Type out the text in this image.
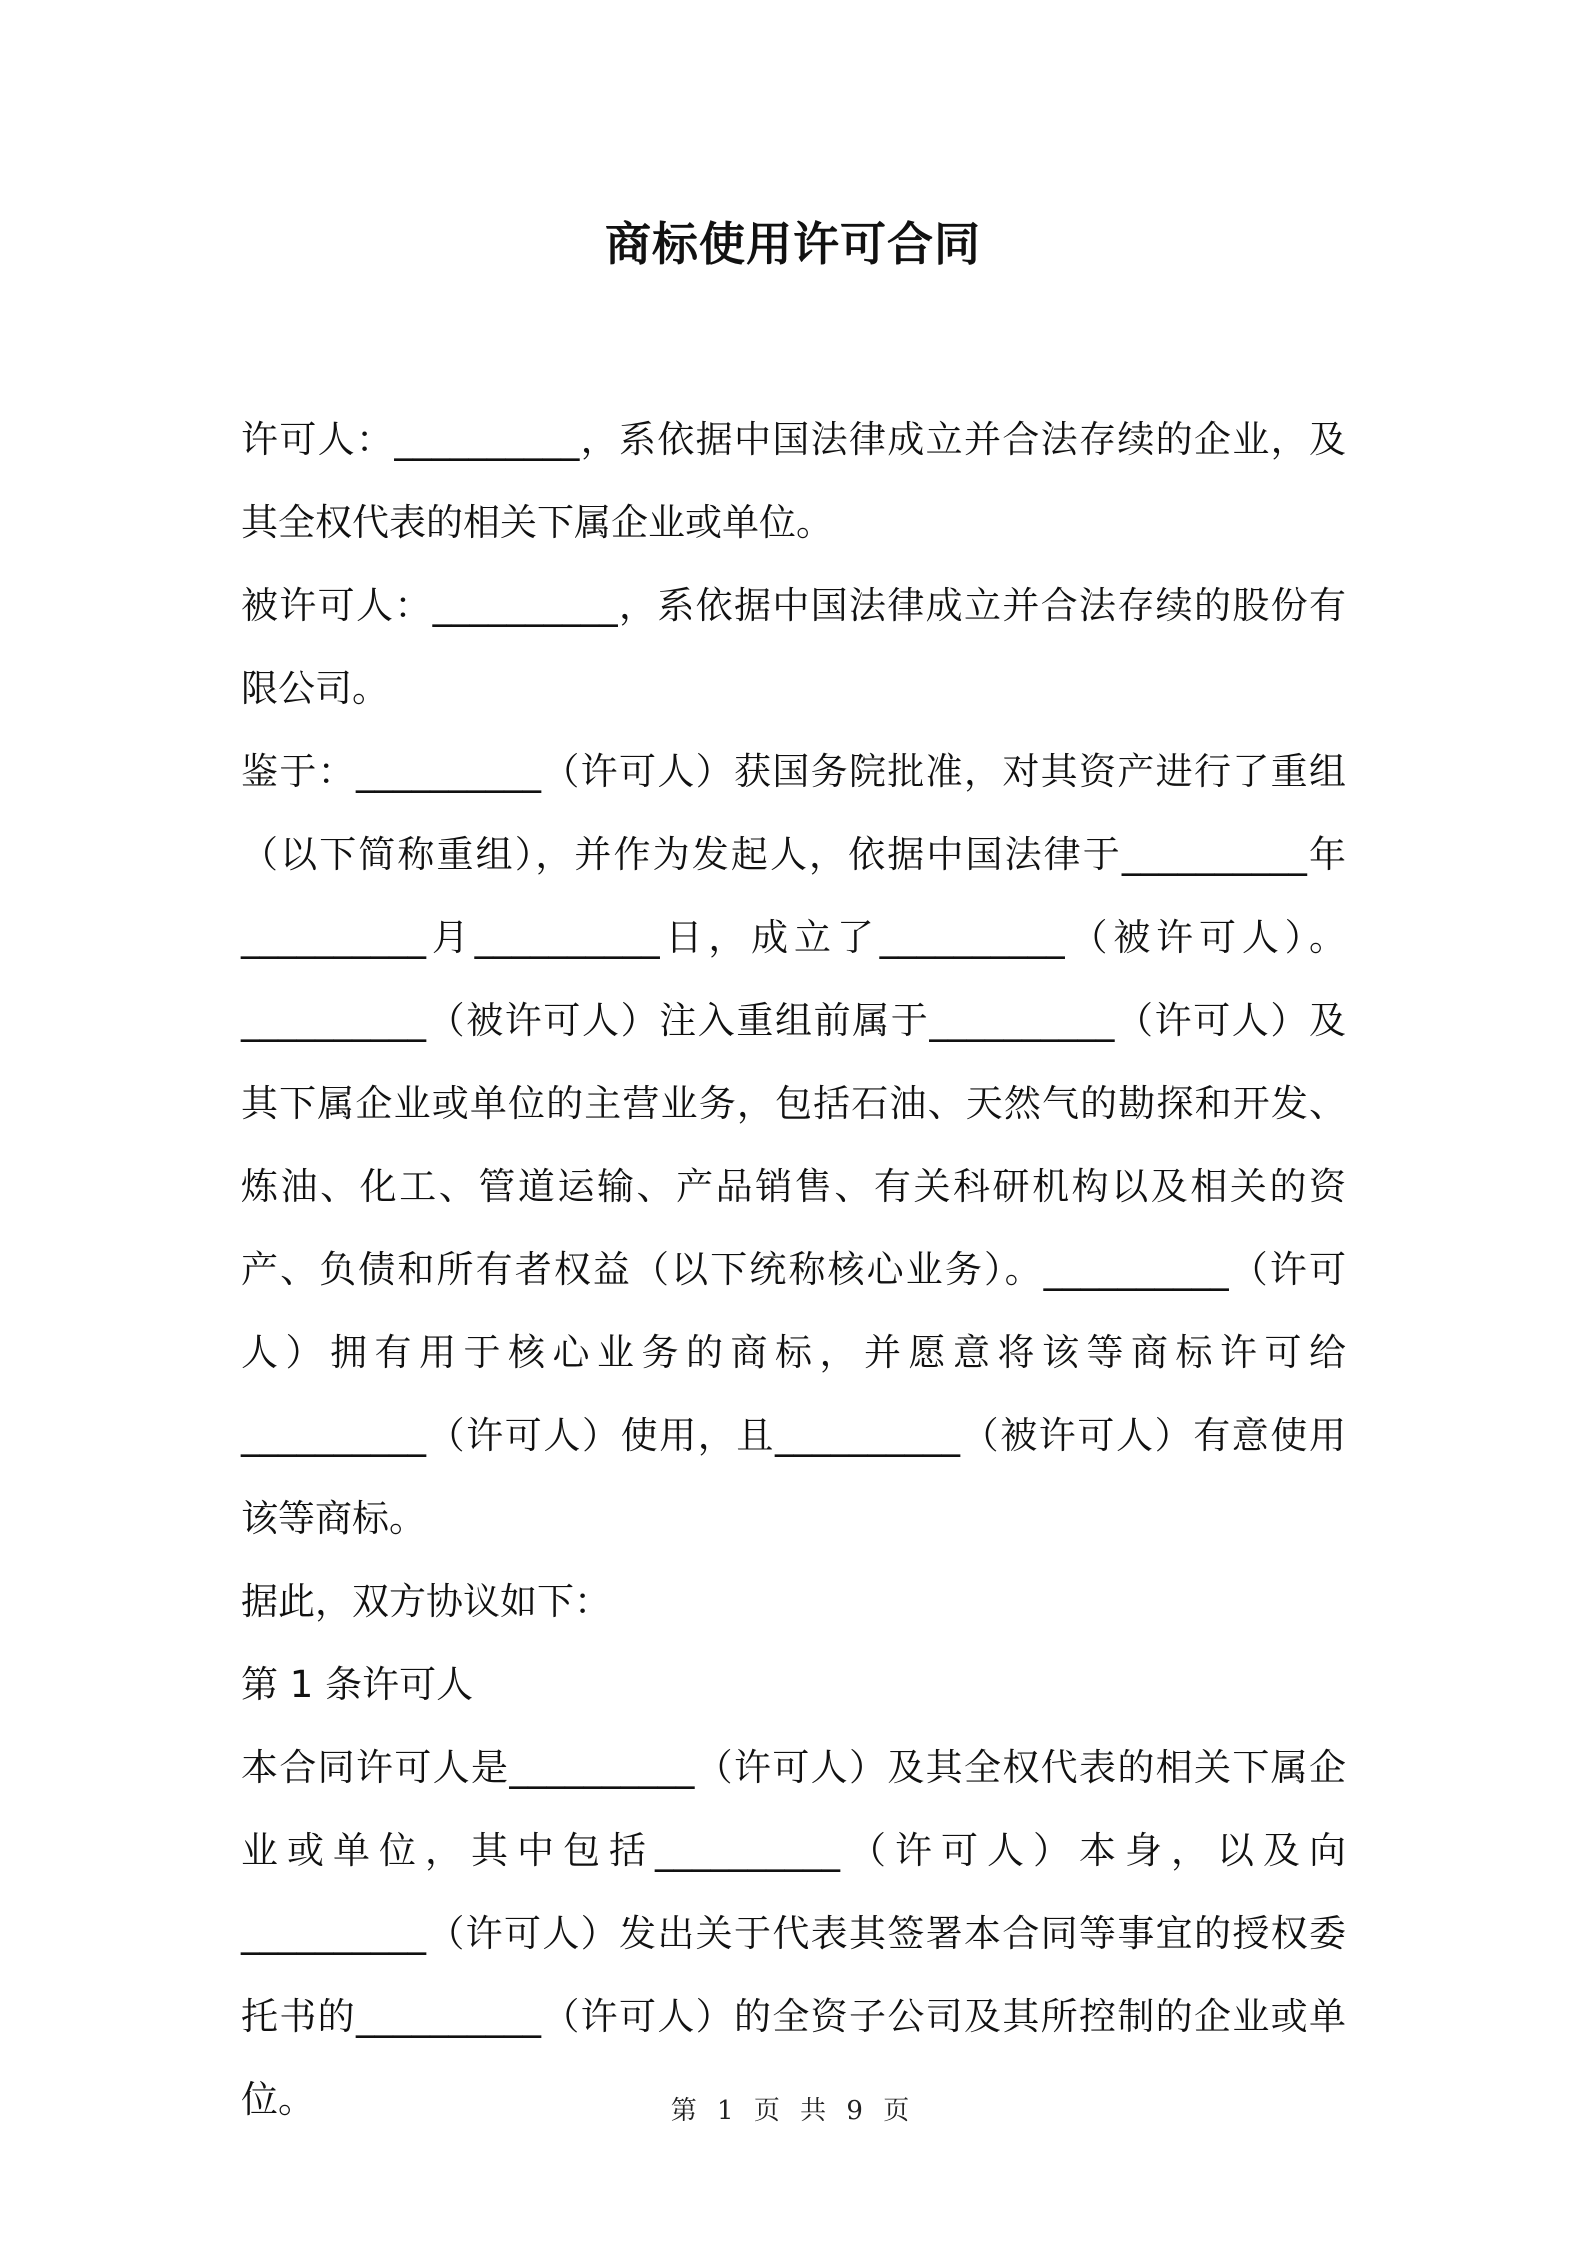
商标使用许可合同

许可人：__________，系依据中国法律成立并合法存续的企业，及其全权代表的相关下属企业或单位。

被许可人：__________，系依据中国法律成立并合法存续的股份有限公司。

鉴于：__________（许可人）获国务院批准，对其资产进行了重组（以下简称重组），并作为发起人，依据中国法律于__________年__________月__________日，成立了__________（被许可人）。__________（被许可人）注入重组前属于__________（许可人）及其下属企业或单位的主营业务，包括石油、天然气的勘探和开发、炼油、化工、管道运输、产品销售、有关科研机构以及相关的资产、负债和所有者权益（以下统称核心业务）。__________（许可人）拥有用于核心业务的商标，并愿意将该等商标许可给__________（许可人）使用，且__________（被许可人）有意使用该等商标。

据此，双方协议如下：

第 1 条许可人

本合同许可人是__________（许可人）及其全权代表的相关下属企业或单位，其中包括__________（许可人）本身，以及向__________（许可人）发出关于代表其签署本合同等事宜的授权委托书的__________（许可人）的全资子公司及其所控制的企业或单位。	第 1 页 共 9 页
